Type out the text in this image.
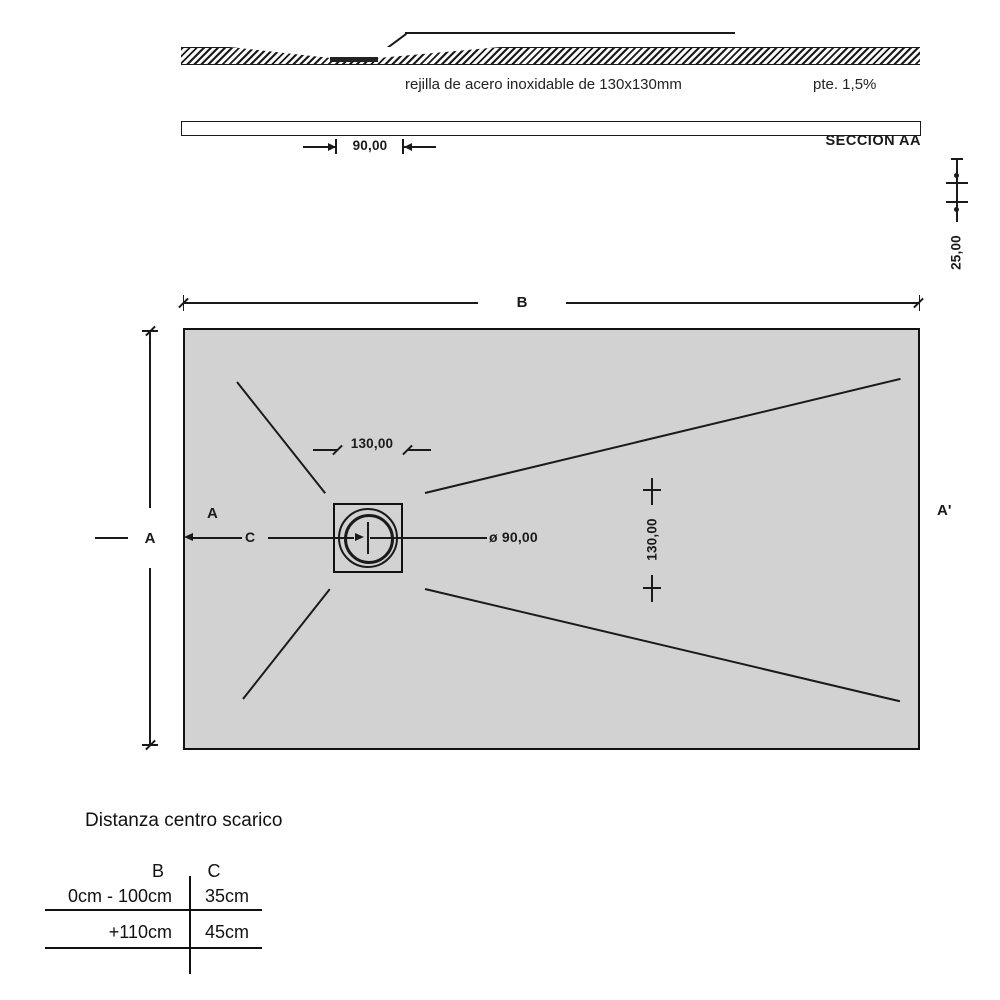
rejilla de acero inoxidable de 130x130mm	pte. 1,5%
SECCION AA
90,00
25,00
B
A
130,00
A
C	ø 90,00	130,00
A'
Distanza centro scarico
B	C
0cm - 100cm 35cm
+110cm 45cm
